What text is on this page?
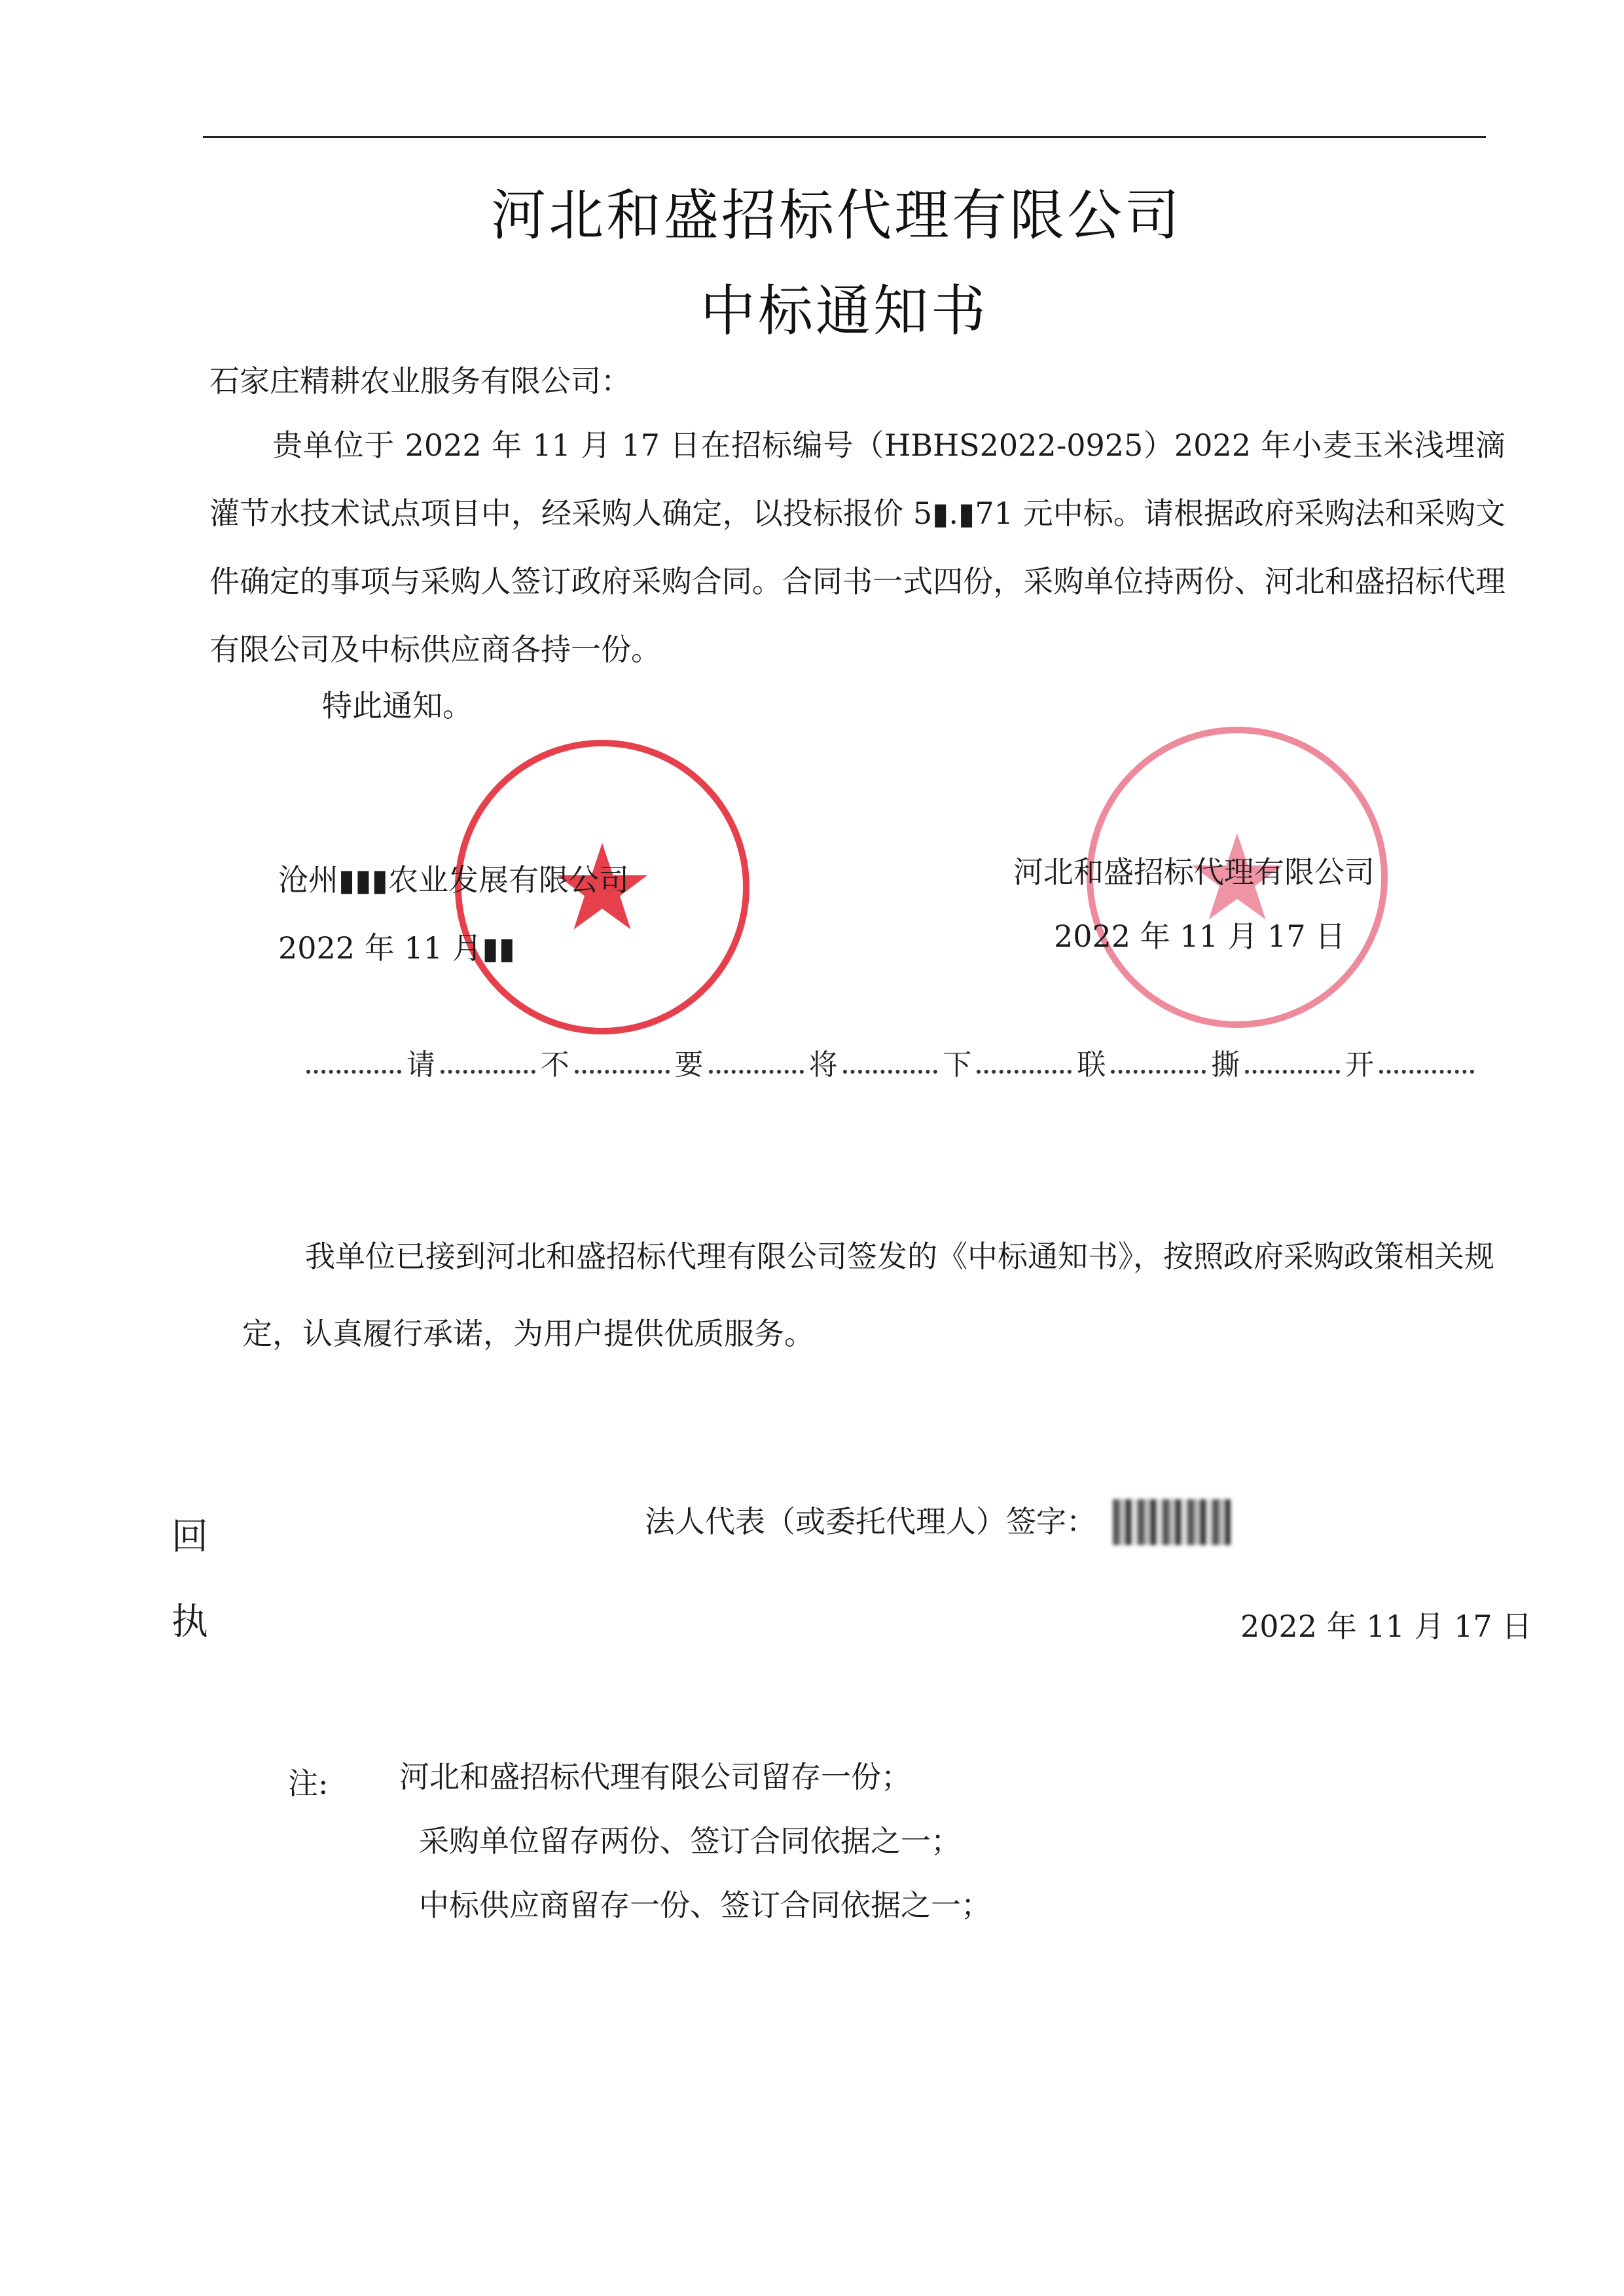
河北和盛招标代理有限公司
中标通知书
石家庄精耕农业服务有限公司：
贵单位于 2022 年 11 月 17 日在招标编号（HBHS2022-0925）2022 年小麦玉米浅埋滴灌节水技术试点项目中，经采购人确定，以投标报价 5▮.▮71 元中标。请根据政府采购法和采购文件确定的事项与采购人签订政府采购合同。合同书一式四份，采购单位持两份、河北和盛招标代理有限公司及中标供应商各持一份。
特此通知。
沧州▮▮▮农业发展有限公司
2022 年 11 月▮▮
河北和盛招标代理有限公司
2022 年 11 月 17 日
请	不	要	将	下	联	撕	开
我单位已接到河北和盛招标代理有限公司签发的《中标通知书》，按照政府采购政策相关规定，认真履行承诺，为用户提供优质服务。
回
执
法人代表（或委托代理人）签字：
2022 年 11 月 17 日
注: 河北和盛招标代理有限公司留存一份；
采购单位留存两份、签订合同依据之一；
中标供应商留存一份、签订合同依据之一；
